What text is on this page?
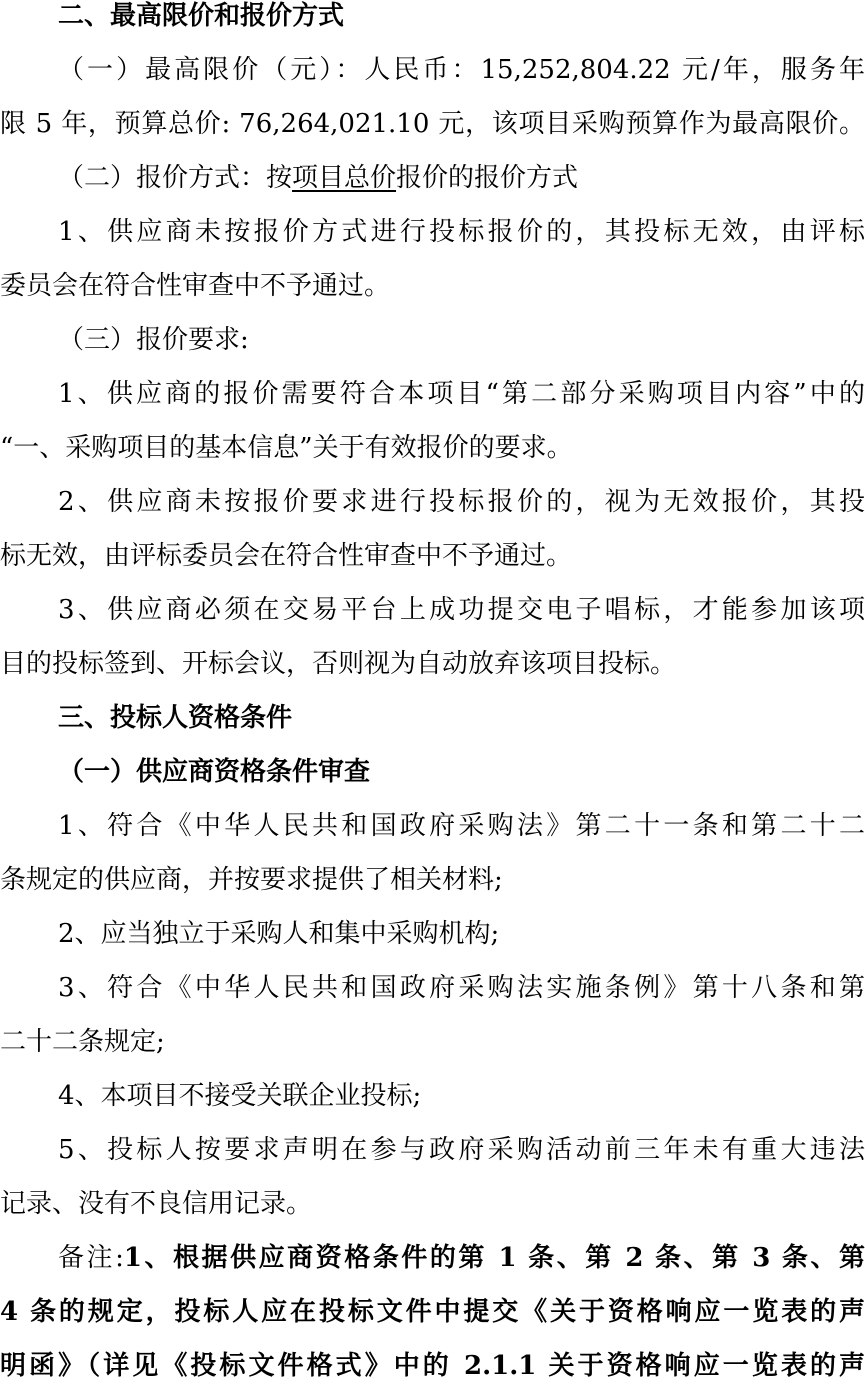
二、最高限价和报价方式
（一）最高限价（元）：人民币：15,252,804.22 元/年，服务年
限 5 年，预算总价: 76,264,021.10 元，该项目采购预算作为最高限价。
（二）报价方式：按项目总价报价的报价方式
1、供应商未按报价方式进行投标报价的，其投标无效，由评标
委员会在符合性审查中不予通过。
（三）报价要求:
1、供应商的报价需要符合本项目“第二部分采购项目内容”中的
“一、采购项目的基本信息”关于有效报价的要求。
2、供应商未按报价要求进行投标报价的，视为无效报价，其投
标无效，由评标委员会在符合性审查中不予通过。
3、供应商必须在交易平台上成功提交电子唱标，才能参加该项
目的投标签到、开标会议，否则视为自动放弃该项目投标。
三、投标人资格条件
（一）供应商资格条件审查
1、符合《中华人民共和国政府采购法》第二十一条和第二十二
条规定的供应商，并按要求提供了相关材料;
2、应当独立于采购人和集中采购机构;
3、符合《中华人民共和国政府采购法实施条例》第十八条和第
二十二条规定;
4、本项目不接受关联企业投标;
5、投标人按要求声明在参与政府采购活动前三年未有重大违法
记录、没有不良信用记录。
备注:1、根据供应商资格条件的第 1 条、第 2 条、第 3 条、第
4 条的规定，投标人应在投标文件中提交《关于资格响应一览表的声
明函》（详见《投标文件格式》中的 2.1.1 关于资格响应一览表的声
